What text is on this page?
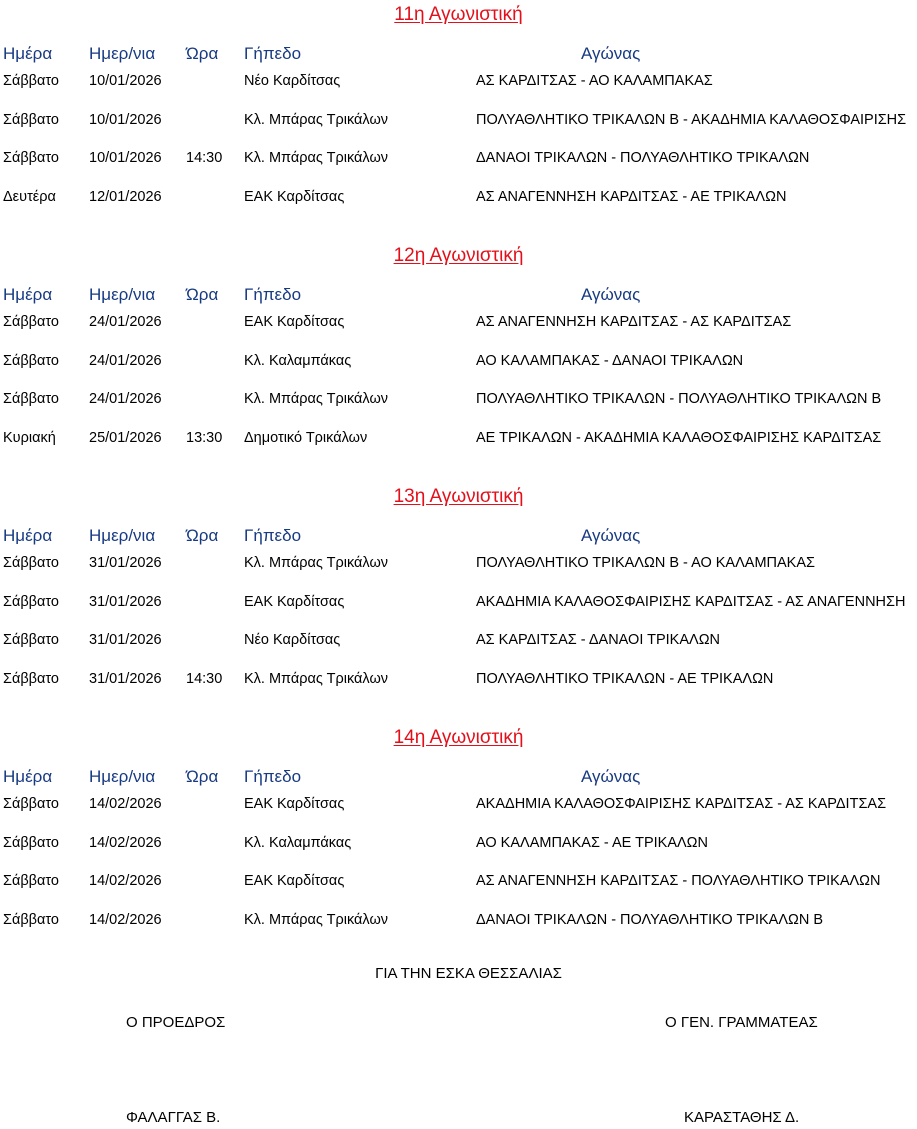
11η Αγωνιστική
Ημέρα Ημερ/νια Ώρα Γήπεδο	Αγώνας
Σάββατο 10/01/2026	Νέο Καρδίτσας	ΑΣ ΚΑΡΔΙΤΣΑΣ - ΑΟ ΚΑΛΑΜΠΑΚΑΣ
Σάββατο 10/01/2026	Κλ. Μπάρας Τρικάλων	ΠΟΛΥΑΘΛΗΤΙΚΟ ΤΡΙΚΑΛΩΝ Β - ΑΚΑΔΗΜΙΑ ΚΑΛΑΘΟΣΦΑΙΡΙΣΗΣ
Σάββατο 10/01/2026 14:30 Κλ. Μπάρας Τρικάλων	ΔΑΝΑΟΙ ΤΡΙΚΑΛΩΝ - ΠΟΛΥΑΘΛΗΤΙΚΟ ΤΡΙΚΑΛΩΝ
Δευτέρα 12/01/2026	ΕΑΚ Καρδίτσας	ΑΣ ΑΝΑΓΕΝΝΗΣΗ ΚΑΡΔΙΤΣΑΣ - ΑΕ ΤΡΙΚΑΛΩΝ
12η Αγωνιστική
Ημέρα Ημερ/νια Ώρα Γήπεδο	Αγώνας
Σάββατο 24/01/2026	ΕΑΚ Καρδίτσας	ΑΣ ΑΝΑΓΕΝΝΗΣΗ ΚΑΡΔΙΤΣΑΣ - ΑΣ ΚΑΡΔΙΤΣΑΣ
Σάββατο 24/01/2026	Κλ. Καλαμπάκας	ΑΟ ΚΑΛΑΜΠΑΚΑΣ - ΔΑΝΑΟΙ ΤΡΙΚΑΛΩΝ
Σάββατο 24/01/2026	Κλ. Μπάρας Τρικάλων	ΠΟΛΥΑΘΛΗΤΙΚΟ ΤΡΙΚΑΛΩΝ - ΠΟΛΥΑΘΛΗΤΙΚΟ ΤΡΙΚΑΛΩΝ Β
Κυριακή 25/01/2026 13:30 Δημοτικό Τρικάλων	ΑΕ ΤΡΙΚΑΛΩΝ - ΑΚΑΔΗΜΙΑ ΚΑΛΑΘΟΣΦΑΙΡΙΣΗΣ ΚΑΡΔΙΤΣΑΣ
13η Αγωνιστική
Ημέρα Ημερ/νια Ώρα Γήπεδο	Αγώνας
Σάββατο 31/01/2026	Κλ. Μπάρας Τρικάλων	ΠΟΛΥΑΘΛΗΤΙΚΟ ΤΡΙΚΑΛΩΝ Β - ΑΟ ΚΑΛΑΜΠΑΚΑΣ
Σάββατο 31/01/2026	ΕΑΚ Καρδίτσας	ΑΚΑΔΗΜΙΑ ΚΑΛΑΘΟΣΦΑΙΡΙΣΗΣ ΚΑΡΔΙΤΣΑΣ - ΑΣ ΑΝΑΓΕΝΝΗΣΗ
Σάββατο 31/01/2026	Νέο Καρδίτσας	ΑΣ ΚΑΡΔΙΤΣΑΣ - ΔΑΝΑΟΙ ΤΡΙΚΑΛΩΝ
Σάββατο 31/01/2026 14:30 Κλ. Μπάρας Τρικάλων	ΠΟΛΥΑΘΛΗΤΙΚΟ ΤΡΙΚΑΛΩΝ - ΑΕ ΤΡΙΚΑΛΩΝ
14η Αγωνιστική
Ημέρα Ημερ/νια Ώρα Γήπεδο	Αγώνας
Σάββατο 14/02/2026	ΕΑΚ Καρδίτσας	ΑΚΑΔΗΜΙΑ ΚΑΛΑΘΟΣΦΑΙΡΙΣΗΣ ΚΑΡΔΙΤΣΑΣ - ΑΣ ΚΑΡΔΙΤΣΑΣ
Σάββατο 14/02/2026	Κλ. Καλαμπάκας	ΑΟ ΚΑΛΑΜΠΑΚΑΣ - ΑΕ ΤΡΙΚΑΛΩΝ
Σάββατο 14/02/2026	ΕΑΚ Καρδίτσας	ΑΣ ΑΝΑΓΕΝΝΗΣΗ ΚΑΡΔΙΤΣΑΣ - ΠΟΛΥΑΘΛΗΤΙΚΟ ΤΡΙΚΑΛΩΝ
Σάββατο 14/02/2026	Κλ. Μπάρας Τρικάλων	ΔΑΝΑΟΙ ΤΡΙΚΑΛΩΝ - ΠΟΛΥΑΘΛΗΤΙΚΟ ΤΡΙΚΑΛΩΝ Β
ΓΙΑ ΤΗΝ ΕΣΚΑ ΘΕΣΣΑΛΙΑΣ
Ο ΠΡΟΕΔΡΟΣ	Ο ΓΕΝ. ΓΡΑΜΜΑΤΕΑΣ
ΦΑΛΑΓΓΑΣ Β.	ΚΑΡΑΣΤΑΘΗΣ Δ.
